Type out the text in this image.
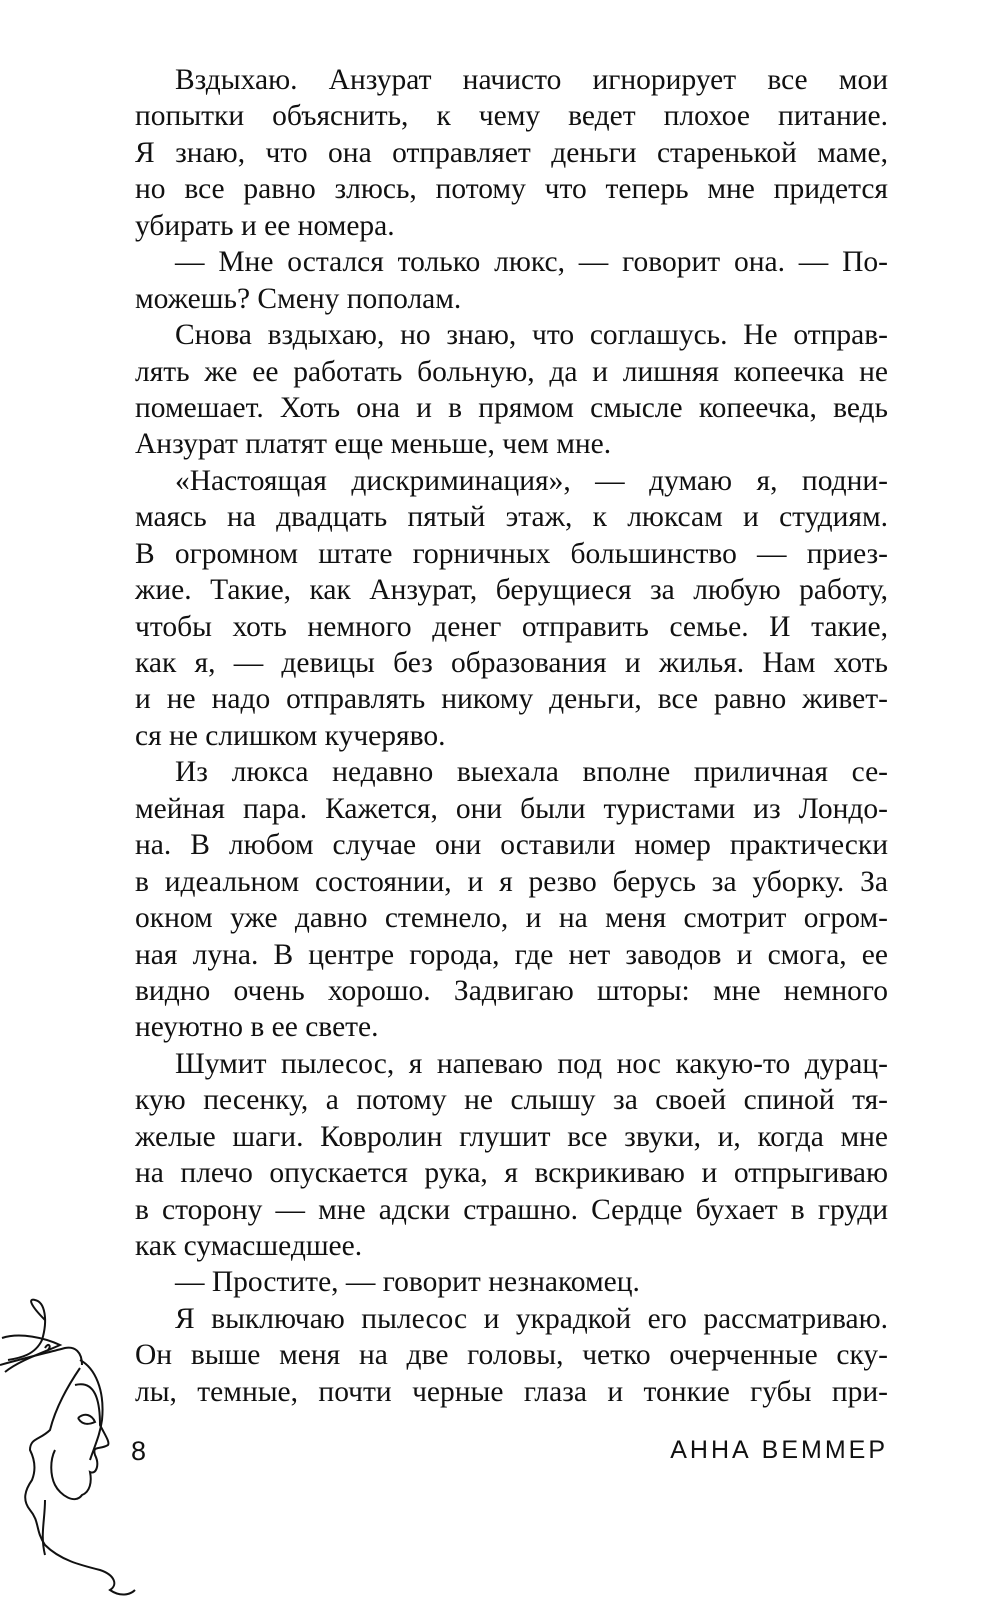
Вздыхаю. Анзурат начисто игнорирует все мои
попытки объяснить, к чему ведет плохое питание.
Я знаю, что она отправляет деньги старенькой маме,
но все равно злюсь, потому что теперь мне придется
убирать и ее номера.
— Мне остался только люкс, — говорит она. — По-
можешь? Смену пополам.
Снова вздыхаю, но знаю, что соглашусь. Не отправ-
лять же ее работать больную, да и лишняя копеечка не
помешает. Хоть она и в прямом смысле копеечка, ведь
Анзурат платят еще меньше, чем мне.
«Настоящая дискриминация», — думаю я, подни-
маясь на двадцать пятый этаж, к люксам и студиям.
В огромном штате горничных большинство — приез-
жие. Такие, как Анзурат, берущиеся за любую работу,
чтобы хоть немного денег отправить семье. И такие,
как я, — девицы без образования и жилья. Нам хоть
и не надо отправлять никому деньги, все равно живет-
ся не слишком кучеряво.
Из люкса недавно выехала вполне приличная се-
мейная пара. Кажется, они были туристами из Лондо-
на. В любом случае они оставили номер практически
в идеальном состоянии, и я резво берусь за уборку. За
окном уже давно стемнело, и на меня смотрит огром-
ная луна. В центре города, где нет заводов и смога, ее
видно очень хорошо. Задвигаю шторы: мне немного
неуютно в ее свете.
Шумит пылесос, я напеваю под нос какую-то дурац-
кую песенку, а потому не слышу за своей спиной тя-
желые шаги. Ковролин глушит все звуки, и, когда мне
на плечо опускается рука, я вскрикиваю и отпрыгиваю
в сторону — мне адски страшно. Сердце бухает в груди
как сумасшедшее.
— Простите, — говорит незнакомец.
Я выключаю пылесос и украдкой его рассматриваю.
Он выше меня на две головы, четко очерченные ску-
лы, темные, почти черные глаза и тонкие губы при-
8	АННА ВЕММЕР
